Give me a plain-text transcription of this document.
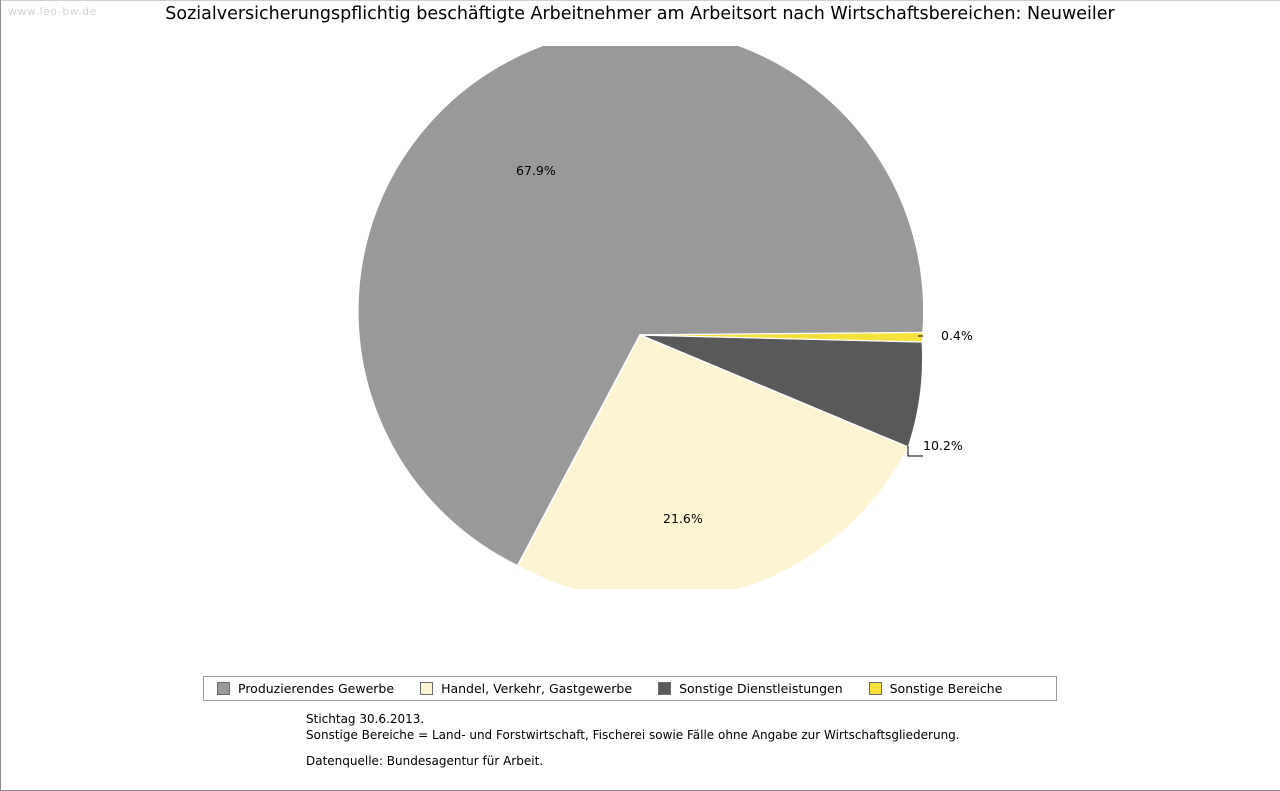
www.leo-bw.de	Sozialversicherungspflichtig beschäftigte Arbeitnehmer am Arbeitsort nach Wirtschaftsbereichen: Neuweiler
67.9%
21.6%
10.2%
0.4%
Produzierendes Gewerbe	Handel, Verkehr, Gastgewerbe	Sonstige Dienstleistungen	Sonstige Bereiche
Stichtag 30.6.2013.
Sonstige Bereiche = Land- und Forstwirtschaft, Fischerei sowie Fälle ohne Angabe zur Wirtschaftsgliederung.
Datenquelle: Bundesagentur für Arbeit.
